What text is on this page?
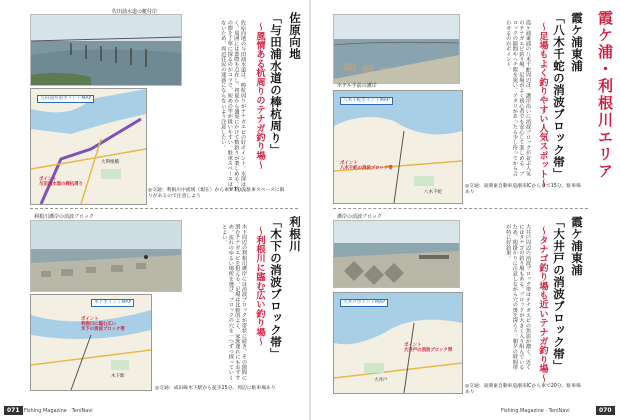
佐田浦水道の艇付岸
与田浦水道ポイントMAP
ポイント
与田浦水道の棒杭周り
大利根橋
佐原向地
「与田浦水道の棒杭周り」
～風情ある杭周りのテナガ釣り場～
佐原向地の与田浦水道は、棒杭周りがテナガエビの好ポイント。水深は浅く、周囲には葦際も点在し、初夏から盛夏にかけて数釣りが楽しめる。杭の際を丁寧に探るのがコツで、短めの竿が扱いやすい。駐車スペースは少ないため、周辺住民の迷惑にならないよう注意したい。
◎交通：利根川中流域（現在）から車で7分。駐車スペースに限りがあるので注意しよう
利根川護岸の消波ブロック
木下ポイントMAP
ポイント
利根川に臨む広い
木下の消波ブロック帯
木下駅
利根川
「木下の消波ブロック帯」
～利根川に臨む広い釣り場～
木下周辺の利根川護岸には消波ブロックが帯状に続き、その隙間に潜むテナガエビを狙える。足場は比較的よく、家族連れにもおすすめ。流れのゆるい場所を選び、ブロックの穴を一つずつ探っていくとよい。
◎交通：成田線木下駅から徒歩15分。周辺に駐車場あり
071 Fishing Magazine · TeniNavi
霞ケ浦・利根川エリア
ホテル手前の護岸
八木千蛇ポイントMAP
ポイント
八木千蛇の消波ブロック帯
八木千蛇
霞ケ浦東浦
「八木千蛇の消波ブロック帯」
～足場もよく釣りやすい人気スポット～
霞ケ浦東浦の八木千蛇周辺は、護岸沿いに消波ブロックが並ぶ人気のテナガエビ釣り場。足場がよく初心者でも安心して楽しめる。ブロックの隙間やヘチ際を狙い、アタリがあったら少し待ってから合わせるのがポイント。
◎交通：東関東自動車道潮来ICから車で15分。駐車場あり
護岸の消波ブロック
大井戸ポイントMAP
ポイント
大井戸の消波ブロック帯
大井戸
霞ケ浦東浦
「大井戸の消波ブロック帯」
～タナゴ釣り場も近いテナガ釣り場～
大井戸周辺の消波ブロック帯はテナガエビの魚影が濃く、近くにはタナゴの釣り場もある。ブロックが大きく入り組んでいるため、根掛かりに注意しながら穴の奥を探ろう。朝夕の時間帯が特に好釣果。
◎交通：東関東自動車道潮来ICから車で20分。駐車場あり
Fishing Magazine · TeniNavi	070
